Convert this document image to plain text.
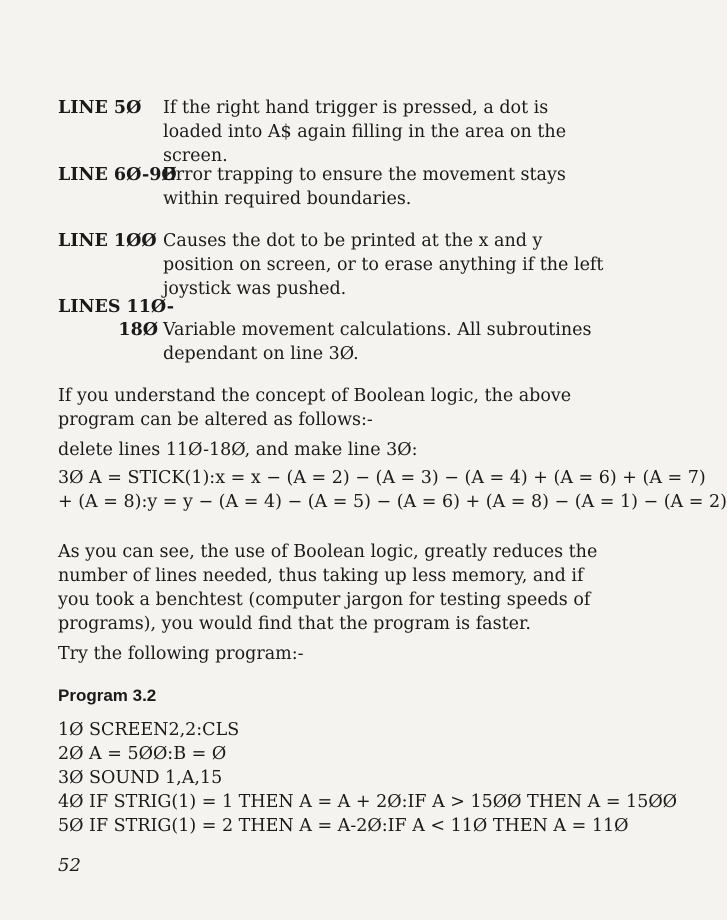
LINE 5Ø If the right hand trigger is pressed, a dot is loaded into A$ again filling in the area on the screen.
LINE 6Ø-9Ø
Error trapping to ensure the movement stays within required boundaries.
LINE 1ØØ Causes the dot to be printed at the x and y position on screen, or to erase anything if the left joystick was pushed.
LINES 11Ø-
18Ø Variable movement calculations. All subroutines dependant on line 3Ø.
If you understand the concept of Boolean logic, the above program can be altered as follows:-
delete lines 11Ø-18Ø, and make line 3Ø:
3Ø A = STICK(1):x = x − (A = 2) − (A = 3) − (A = 4) + (A = 6) + (A = 7)
+ (A = 8):y = y − (A = 4) − (A = 5) − (A = 6) + (A = 8) − (A = 1) − (A = 2)
As you can see, the use of Boolean logic, greatly reduces the number of lines needed, thus taking up less memory, and if you took a benchtest (computer jargon for testing speeds of programs), you would find that the program is faster.
Try the following program:-
Program 3.2
1Ø SCREEN2,2:CLS
2Ø A = 5ØØ:B = Ø
3Ø SOUND 1,A,15
4Ø IF STRIG(1) = 1 THEN A = A + 2Ø:IF A > 15ØØ THEN A = 15ØØ
5Ø IF STRIG(1) = 2 THEN A = A-2Ø:IF A < 11Ø THEN A = 11Ø
52
